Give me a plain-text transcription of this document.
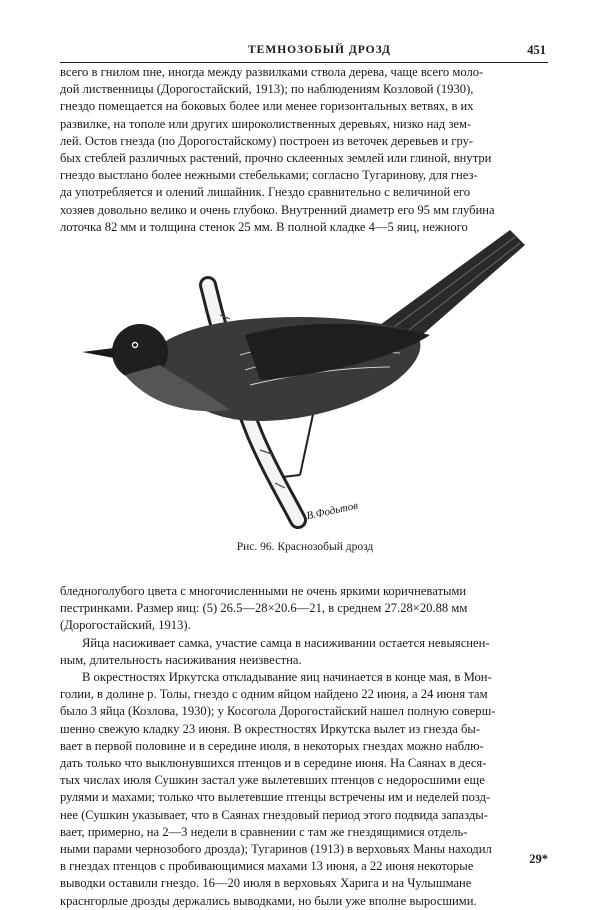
ТЕМНОЗОБЫЙ ДРОЗД	451
всего в гнилом пне, иногда между развилками ствола дерева, чаще всего моло-
дой лиственницы (Дорогостайский, 1913); по наблюдениям Козловой (1930),
гнездо помещается на боковых более или менее горизонтальных ветвях, в их
развилке, на тополе или других широколиственных деревьях, низко над зем-
лей. Остов гнезда (по Дорогостайскому) построен из веточек деревьев и гру-
бых стеблей различных растений, прочно склеенных землей или глиной, внутри
гнездо выстлано более нежными стебельками; согласно Тугаринову, для гнез-
да употребляется и олений лишайник. Гнездо сравнительно с величиной его
хозяев довольно велико и очень глубоко. Внутренний диаметр его 95 мм глубина
лоточка 82 мм и толщина стенок 25 мм. В полной кладке 4—5 яиц, нежного
В.Фодьтов
Рис. 96. Краснозобый дрозд
бледноголубого цвета с многочисленными не очень яркими коричневатыми
пестринками. Размер яиц: (5) 26.5—28×20.6—21, в среднем 27.28×20.88 мм
(Дорогостайский, 1913).
Яйца насиживает самка, участие самца в насиживании остается невыяснен-
ным, длительность насиживания неизвестна.
В окрестностях Иркутска откладывание яиц начинается в конце мая, в Мон-
голии, в долине р. Толы, гнездо с одним яйцом найдено 22 июня, а 24 июня там
было 3 яйца (Козлова, 1930); у Косогола Дорогостайский нашел полную соверш-
шенно свежую кладку 23 июня. В окрестностях Иркутска вылет из гнезда бы-
вает в первой половине и в середине июля, в некоторых гнездах можно наблю-
дать только что выклюнувшихся птенцов и в середине июня. На Саянах в деся-
тых числах июля Сушкин застал уже вылетевших птенцов с недоросшими еще
рулями и махами; только что вылетевшие птенцы встречены им и неделей позд-
нее (Сушкин указывает, что в Саянах гнездовый период этого подвида запазды-
вает, примерно, на 2—3 недели в сравнении с там же гнездящимися отдель-
ными парами чернозобого дрозда); Тугаринов (1913) в верховьях Маны находил
в гнездах птенцов с пробивающимися махами 13 июня, а 22 июня некоторые
выводки оставили гнездо. 16—20 июля в верховьях Харига и на Чулышмане
краснгорлые дрозды держались выводками, но были уже вполне выросшими.
29*
